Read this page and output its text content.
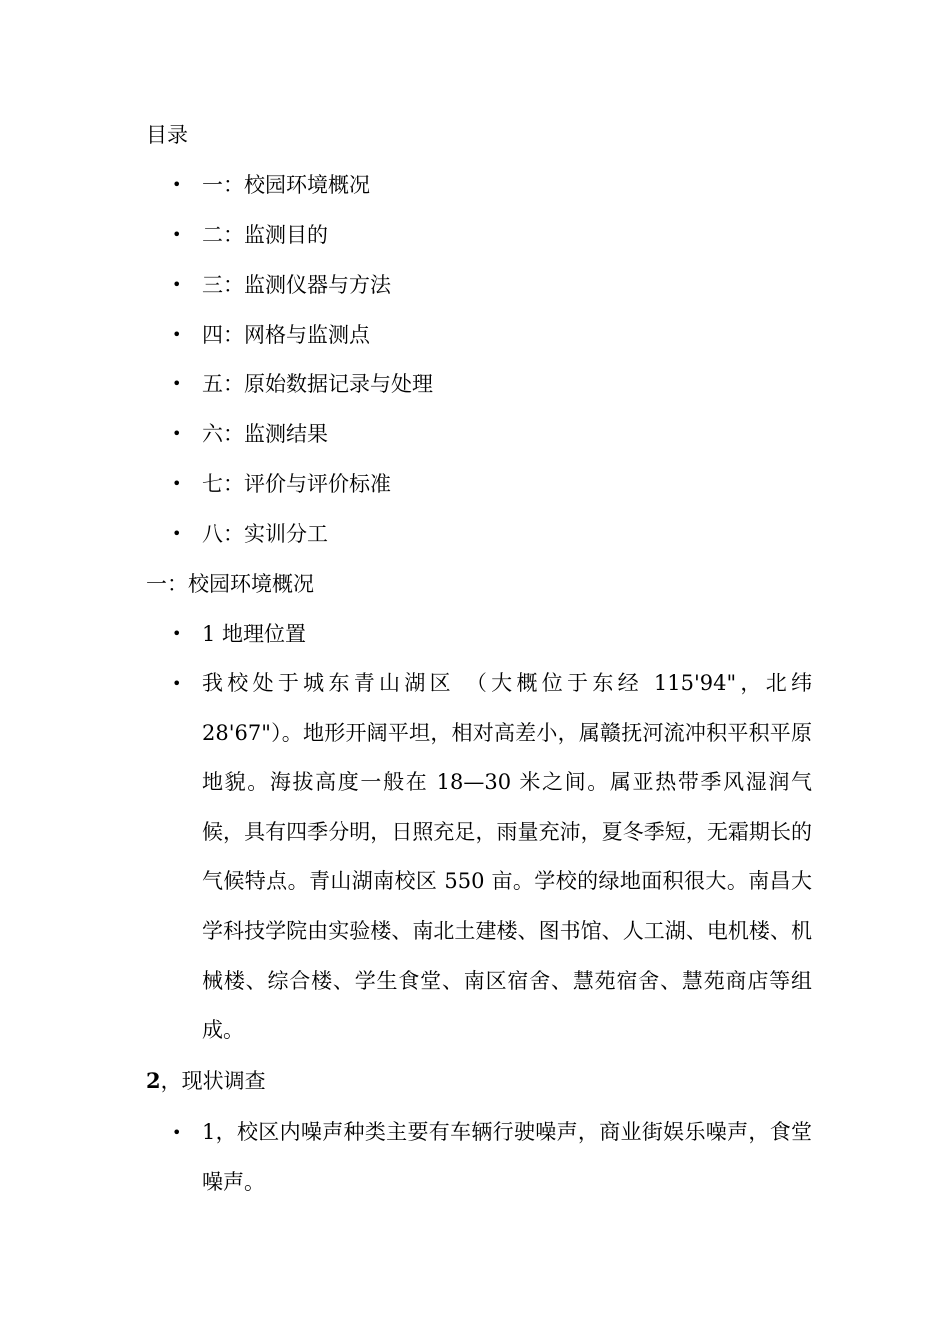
目录
• 一：校园环境概况
• 二：监测目的
• 三：监测仪器与方法
• 四：网格与监测点
• 五：原始数据记录与处理
• 六：监测结果
• 七：评价与评价标准
• 八：实训分工
一：校园环境概况
• 1 地理位置
• 我校处于城东青山湖区 （大概位于东经 115'94"，北纬 28'67"）。地形开阔平坦，相对高差小，属赣抚河流冲积平积平原地貌。海拔高度一般在 18—30 米之间。属亚热带季风湿润气候，具有四季分明，日照充足，雨量充沛，夏冬季短，无霜期长的气候特点。青山湖南校区 550 亩。学校的绿地面积很大。南昌大学科技学院由实验楼、南北土建楼、图书馆、人工湖、电机楼、机械楼、综合楼、学生食堂、南区宿舍、慧苑宿舍、慧苑商店等组成。
2，现状调查
• 1，校区内噪声种类主要有车辆行驶噪声，商业街娱乐噪声，食堂噪声。
